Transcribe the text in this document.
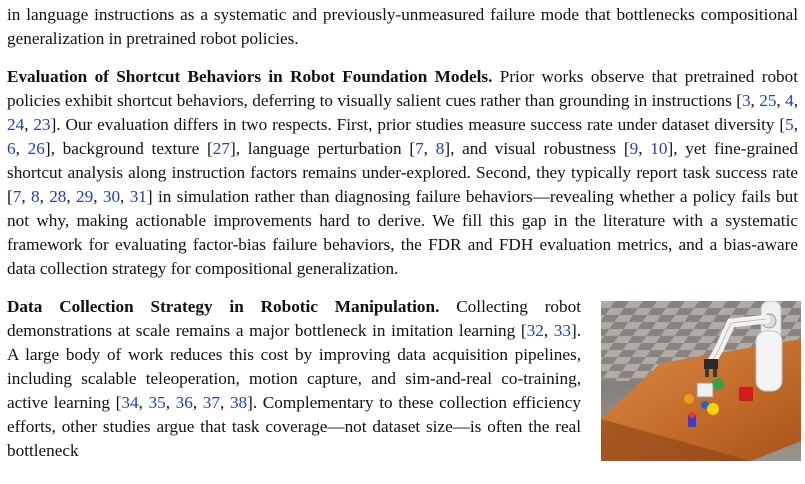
in language instructions as a systematic and previously-unmeasured failure mode that bottlenecks compositional generalization in pretrained robot policies.

Evaluation of Shortcut Behaviors in Robot Foundation Models. Prior works observe that pretrained robot policies exhibit shortcut behaviors, deferring to visually salient cues rather than grounding in instructions [3, 25, 4, 24, 23]. Our evaluation differs in two respects. First, prior studies measure success rate under dataset diversity [5, 6, 26], background texture [27], language perturbation [7, 8], and visual robustness [9, 10], yet fine-grained shortcut analysis along instruction factors remains under-explored. Second, they typically report task success rate [7, 8, 28, 29, 30, 31] in simulation rather than diagnosing failure behaviors—revealing whether a policy fails but not why, making actionable improvements hard to derive. We fill this gap in the literature with a systematic framework for evaluating factor-bias failure behaviors, the FDR and FDH evaluation metrics, and a bias-aware data collection strategy for compositional generalization.

Data Collection Strategy in Robotic Manipulation. Collecting robot demonstrations at scale remains a major bottleneck in imitation learning [32, 33]. A large body of work reduces this cost by improving data acquisition pipelines, including scalable teleoperation, motion capture, and sim-and-real co-training, active learning [34, 35, 36, 37, 38]. Complementary to these collection efficiency efforts, other studies argue that task coverage—not dataset size—is often the real bottleneck
